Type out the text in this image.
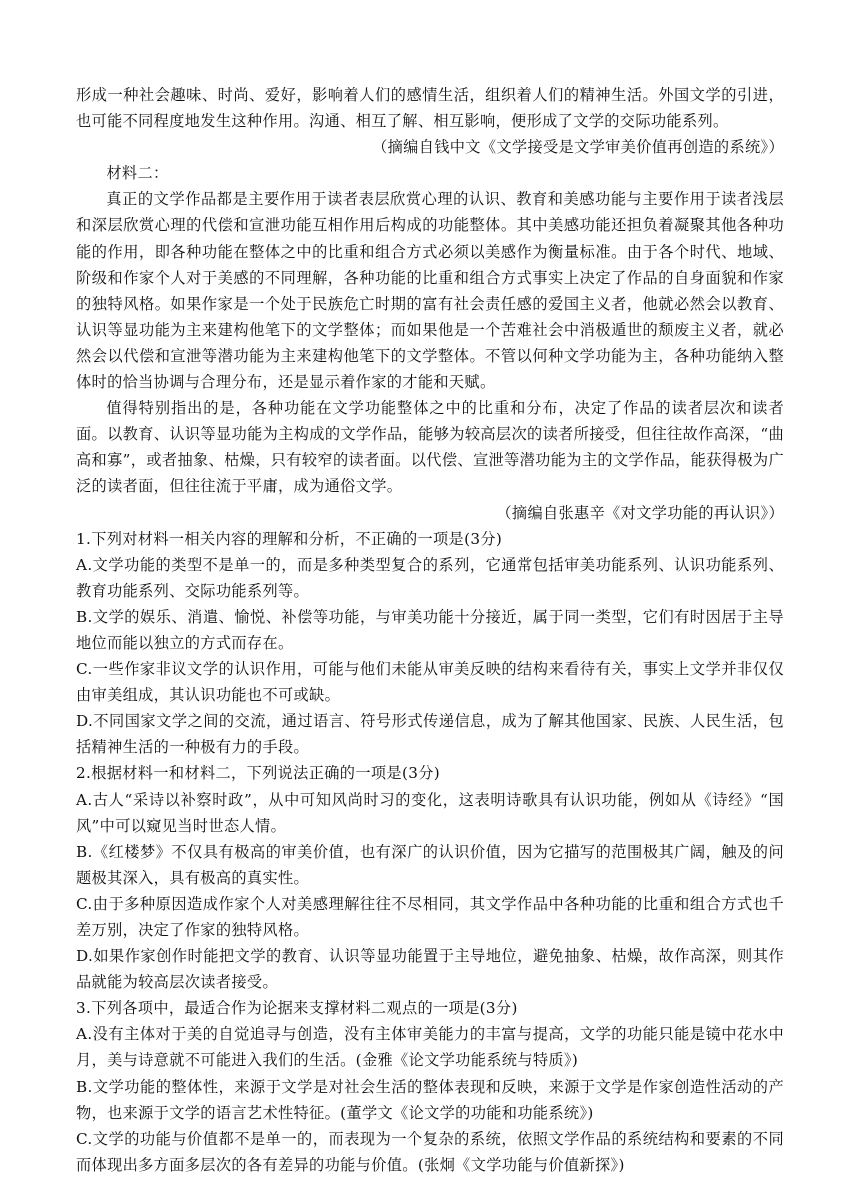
形成一种社会趣味、时尚、爱好，影响着人们的感情生活，组织着人们的精神生活。外国文学的引进，也可能不同程度地发生这种作用。沟通、相互了解、相互影响，便形成了文学的交际功能系列。

（摘编自钱中文《文学接受是文学审美价值再创造的系统》）

材料二：

真正的文学作品都是主要作用于读者表层欣赏心理的认识、教育和美感功能与主要作用于读者浅层和深层欣赏心理的代偿和宣泄功能互相作用后构成的功能整体。其中美感功能还担负着凝聚其他各种功能的作用，即各种功能在整体之中的比重和组合方式必须以美感作为衡量标准。由于各个时代、地域、阶级和作家个人对于美感的不同理解，各种功能的比重和组合方式事实上决定了作品的自身面貌和作家的独特风格。如果作家是一个处于民族危亡时期的富有社会责任感的爱国主义者，他就必然会以教育、认识等显功能为主来建构他笔下的文学整体；而如果他是一个苦难社会中消极遁世的颓废主义者，就必然会以代偿和宣泄等潜功能为主来建构他笔下的文学整体。不管以何种文学功能为主，各种功能纳入整体时的恰当协调与合理分布，还是显示着作家的才能和天赋。

值得特别指出的是，各种功能在文学功能整体之中的比重和分布，决定了作品的读者层次和读者面。以教育、认识等显功能为主构成的文学作品，能够为较高层次的读者所接受，但往往故作高深，“曲高和寡”，或者抽象、枯燥，只有较窄的读者面。以代偿、宣泄等潜功能为主的文学作品，能获得极为广泛的读者面，但往往流于平庸，成为通俗文学。

（摘编自张惠辛《对文学功能的再认识》）

1.下列对材料一相关内容的理解和分析，不正确的一项是(3分)

A.文学功能的类型不是单一的，而是多种类型复合的系列，它通常包括审美功能系列、认识功能系列、教育功能系列、交际功能系列等。

B.文学的娱乐、消遣、愉悦、补偿等功能，与审美功能十分接近，属于同一类型，它们有时因居于主导地位而能以独立的方式而存在。

C.一些作家非议文学的认识作用，可能与他们未能从审美反映的结构来看待有关，事实上文学并非仅仅由审美组成，其认识功能也不可或缺。

D.不同国家文学之间的交流，通过语言、符号形式传递信息，成为了解其他国家、民族、人民生活，包括精神生活的一种极有力的手段。

2.根据材料一和材料二，下列说法正确的一项是(3分)

A.古人“采诗以补察时政”，从中可知风尚时习的变化，这表明诗歌具有认识功能，例如从《诗经》“国风”中可以窥见当时世态人情。

B.《红楼梦》不仅具有极高的审美价值，也有深广的认识价值，因为它描写的范围极其广阔，触及的问题极其深入，具有极高的真实性。

C.由于多种原因造成作家个人对美感理解往往不尽相同，其文学作品中各种功能的比重和组合方式也千差万别，决定了作家的独特风格。

D.如果作家创作时能把文学的教育、认识等显功能置于主导地位，避免抽象、枯燥，故作高深，则其作品就能为较高层次读者接受。

3.下列各项中，最适合作为论据来支撑材料二观点的一项是(3分)

A.没有主体对于美的自觉追寻与创造，没有主体审美能力的丰富与提高，文学的功能只能是镜中花水中月，美与诗意就不可能进入我们的生活。(金雅《论文学功能系统与特质》)

B.文学功能的整体性，来源于文学是对社会生活的整体表现和反映，来源于文学是作家创造性活动的产物，也来源于文学的语言艺术性特征。(董学文《论文学的功能和功能系统》)

C.文学的功能与价值都不是单一的，而表现为一个复杂的系统，依照文学作品的系统结构和要素的不同而体现出多方面多层次的各有差异的功能与价值。(张炯《文学功能与价值新探》)
